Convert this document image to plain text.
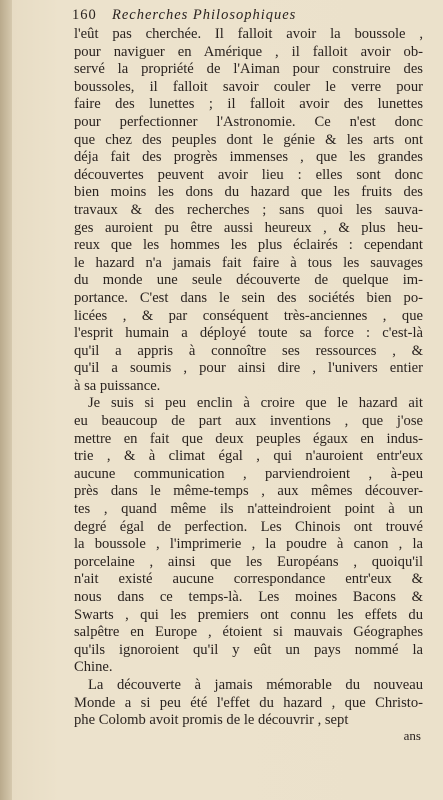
160	Recherches Philosophiques
l'eût pas cherchée. Il falloit avoir la boussole ,
pour naviguer en Amérique , il falloit avoir ob-
servé la propriété de l'Aiman pour construire des
boussoles, il falloit savoir couler le verre pour
faire des lunettes ; il falloit avoir des lunettes
pour perfectionner l'Astronomie. Ce n'est donc
que chez des peuples dont le génie & les arts ont
déja fait des progrès immenses , que les grandes
découvertes peuvent avoir lieu : elles sont donc
bien moins les dons du hazard que les fruits des
travaux & des recherches ; sans quoi les sauva-
ges auroient pu être aussi heureux , & plus heu-
reux que les hommes les plus éclairés : cependant
le hazard n'a jamais fait faire à tous les sauvages
du monde une seule découverte de quelque im-
portance. C'est dans le sein des sociétés bien po-
licées , & par conséquent très-anciennes , que
l'esprit humain a déployé toute sa force : c'est-là
qu'il a appris à connoître ses ressources , &
qu'il a soumis , pour ainsi dire , l'univers entier
à sa puissance.
Je suis si peu enclin à croire que le hazard ait
eu beaucoup de part aux inventions , que j'ose
mettre en fait que deux peuples égaux en indus-
trie , & à climat égal , qui n'auroient entr'eux
aucune communication , parviendroient , à-peu
près dans le même-temps , aux mêmes découver-
tes , quand même ils n'atteindroient point à un
degré égal de perfection. Les Chinois ont trouvé
la boussole , l'imprimerie , la poudre à canon , la
porcelaine , ainsi que les Européans , quoiqu'il
n'ait existé aucune correspondance entr'eux &
nous dans ce temps-là. Les moines Bacons &
Swarts , qui les premiers ont connu les effets du
salpêtre en Europe , étoient si mauvais Géographes
qu'ils ignoroient qu'il y eût un pays nommé la
Chine.
La découverte à jamais mémorable du nouveau
Monde a si peu été l'effet du hazard , que Christo-
phe Colomb avoit promis de le découvrir , sept
ans
